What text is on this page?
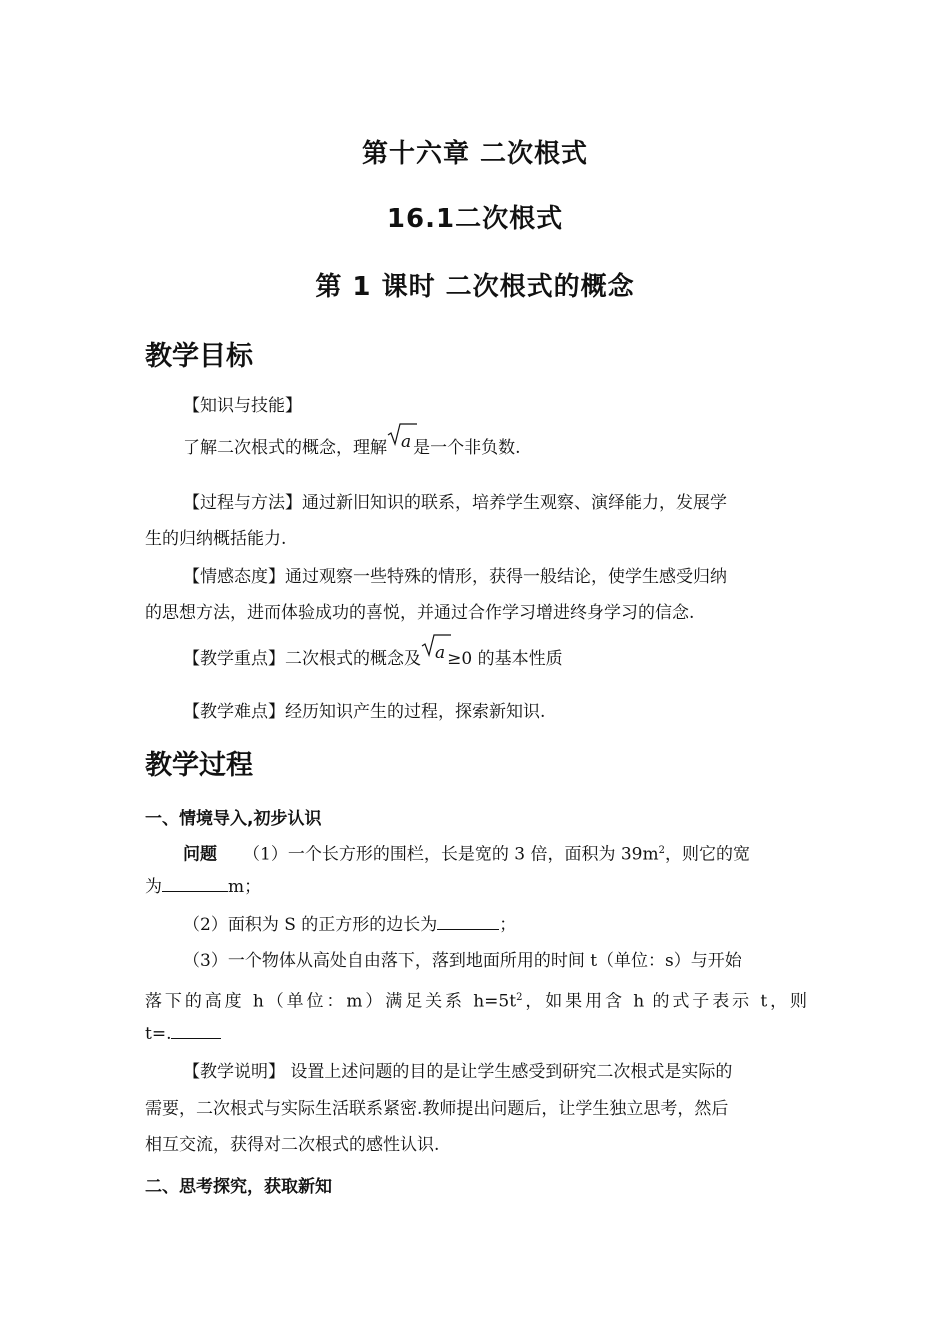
第十六章 二次根式
16.1二次根式
第 1 课时 二次根式的概念
教学目标
【知识与技能】
了解二次根式的概念，理解 a 是一个非负数.
【过程与方法】通过新旧知识的联系，培养学生观察、演绎能力，发展学
生的归纳概括能力.
【情感态度】通过观察一些特殊的情形，获得一般结论，使学生感受归纳
的思想方法，进而体验成功的喜悦，并通过合作学习增进终身学习的信念.
【教学重点】二次根式的概念及 a ≥0 的基本性质
【教学难点】经历知识产生的过程，探索新知识.
教学过程
一、情境导入,初步认识
问题 （1）一个长方形的围栏，长是宽的 3 倍，面积为 $39m^2$，则它的宽
为	m；
（2）面积为 S 的正方形的边长为	；
（3）一个物体从高处自由落下，落到地面所用的时间 t（单位：s）与开始
落下的高度 h（单位：m）满足关系 $h=5t^2$，如果用含 h 的式子表示 t，则
t=.
【教学说明】 设置上述问题的目的是让学生感受到研究二次根式是实际的
需要，二次根式与实际生活联系紧密.教师提出问题后，让学生独立思考，然后
相互交流，获得对二次根式的感性认识.
二、思考探究，获取新知
